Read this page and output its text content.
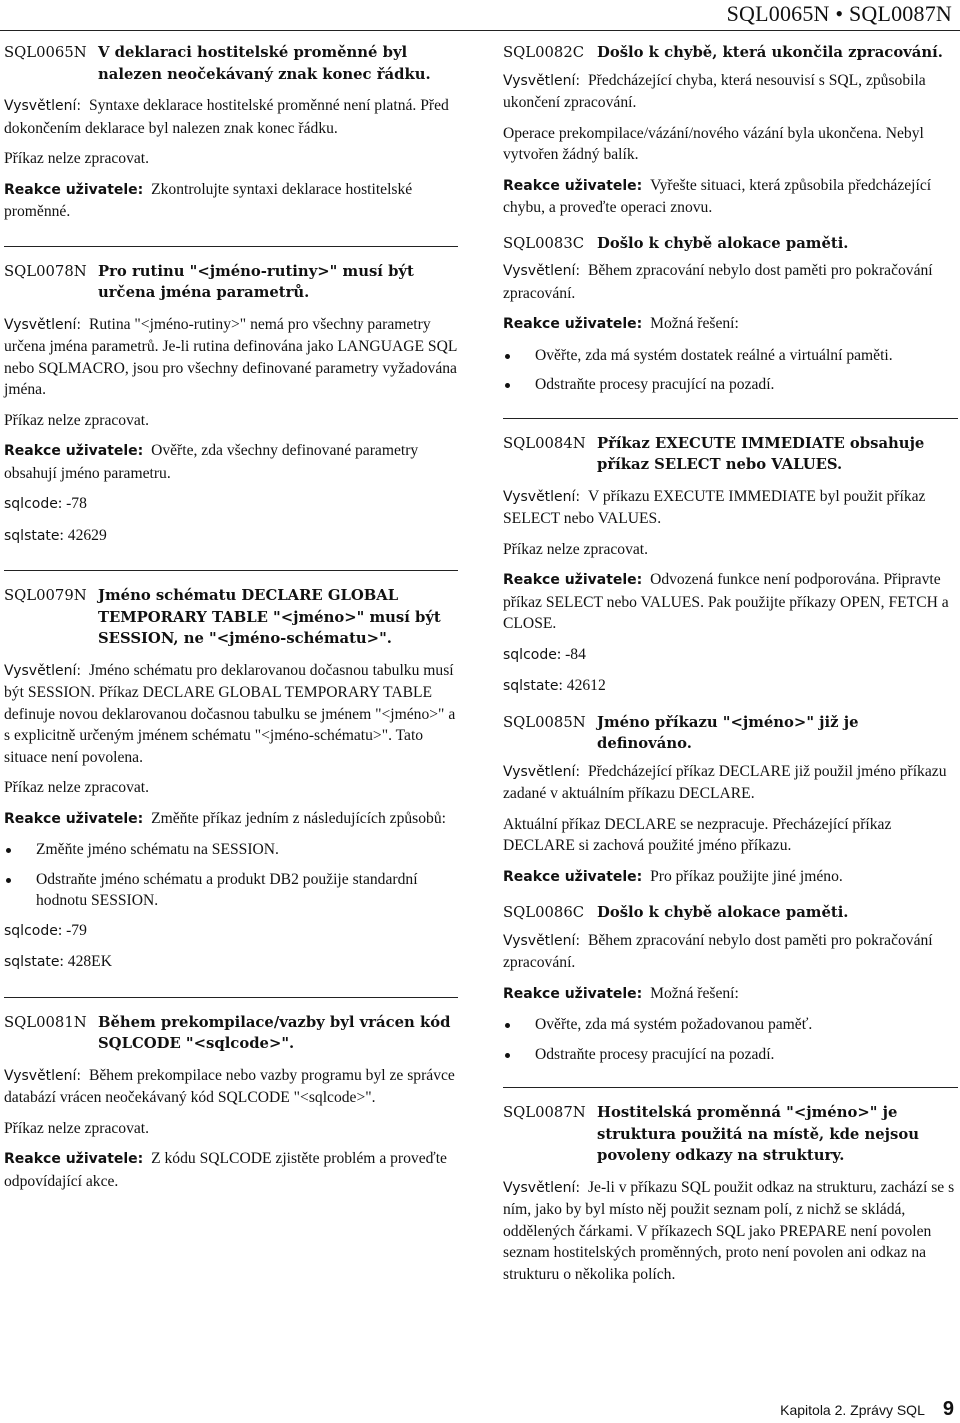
SQL0065N • SQL0087N
SQL0065N V deklaraci hostitelské proměnné byl nalezen neočekávaný znak konec řádku.

Vysvětlení: Syntaxe deklarace hostitelské proměnné není platná. Před dokončením deklarace byl nalezen znak konec řádku.

Příkaz nelze zpracovat.

Reakce uživatele: Zkontrolujte syntaxi deklarace hostitelské proměnné.

SQL0078N Pro rutinu "<jméno-rutiny>" musí být určena jména parametrů.

Vysvětlení: Rutina "<jméno-rutiny>" nemá pro všechny parametry určena jména parametrů. Je-li rutina definována jako LANGUAGE SQL nebo SQLMACRO, jsou pro všechny definované parametry vyžadována jména.

Příkaz nelze zpracovat.

Reakce uživatele: Ověřte, zda všechny definované parametry obsahují jméno parametru.

sqlcode: -78

sqlstate: 42629

SQL0079N Jméno schématu DECLARE GLOBAL TEMPORARY TABLE "<jméno>" musí být SESSION, ne "<jméno-schématu>".

Vysvětlení: Jméno schématu pro deklarovanou dočasnou tabulku musí být SESSION. Příkaz DECLARE GLOBAL TEMPORARY TABLE definuje novou deklarovanou dočasnou tabulku se jménem "<jméno>" a s explicitně určeným jménem schématu "<jméno-schématu>". Tato situace není povolena.

Příkaz nelze zpracovat.

Reakce uživatele: Změňte příkaz jedním z následujících způsobů:

Změňte jméno schématu na SESSION.
Odstraňte jméno schématu a produkt DB2 použije standardní hodnotu SESSION.

sqlcode: -79

sqlstate: 428EK

SQL0081N Během prekompilace/vazby byl vrácen kód SQLCODE "<sqlcode>".

Vysvětlení: Během prekompilace nebo vazby programu byl ze správce databází vrácen neočekávaný kód SQLCODE "<sqlcode>".

Příkaz nelze zpracovat.

Reakce uživatele: Z kódu SQLCODE zjistěte problém a proveďte odpovídající akce.

SQL0082C Došlo k chybě, která ukončila zpracování.

Vysvětlení: Předcházející chyba, která nesouvisí s SQL, způsobila ukončení zpracování.

Operace prekompilace/vázání/nového vázání byla ukončena. Nebyl vytvořen žádný balík.

Reakce uživatele: Vyřešte situaci, která způsobila předcházející chybu, a proveďte operaci znovu.

SQL0083C Došlo k chybě alokace paměti.

Vysvětlení: Během zpracování nebylo dost paměti pro pokračování zpracování.

Reakce uživatele: Možná řešení:

Ověřte, zda má systém dostatek reálné a virtuální paměti.
Odstraňte procesy pracující na pozadí.
SQL0084N Příkaz EXECUTE IMMEDIATE obsahuje příkaz SELECT nebo VALUES.

Vysvětlení: V příkazu EXECUTE IMMEDIATE byl použit příkaz SELECT nebo VALUES.

Příkaz nelze zpracovat.

Reakce uživatele: Odvozená funkce není podporována. Připravte příkaz SELECT nebo VALUES. Pak použijte příkazy OPEN, FETCH a CLOSE.

sqlcode: -84

sqlstate: 42612

SQL0085N Jméno příkazu "<jméno>" již je definováno.

Vysvětlení: Předcházející příkaz DECLARE již použil jméno příkazu zadané v aktuálním příkazu DECLARE.

Aktuální příkaz DECLARE se nezpracuje. Přecházející příkaz DECLARE si zachová použité jméno příkazu.

Reakce uživatele: Pro příkaz použijte jiné jméno.

SQL0086C Došlo k chybě alokace paměti.

Vysvětlení: Během zpracování nebylo dost paměti pro pokračování zpracování.

Reakce uživatele: Možná řešení:

Ověřte, zda má systém požadovanou paměť.
Odstraňte procesy pracující na pozadí.
SQL0087N Hostitelská proměnná "<jméno>" je struktura použitá na místě, kde nejsou povoleny odkazy na struktury.

Vysvětlení: Je-li v příkazu SQL použit odkaz na strukturu, zachází se s ním, jako by byl místo něj použit seznam polí, z nichž se skládá, oddělených čárkami. V příkazech SQL jako PREPARE není povolen seznam hostitelských proměnných, proto není povolen ani odkaz na strukturu o několika polích.

Kapitola 2. Zprávy SQL 9
